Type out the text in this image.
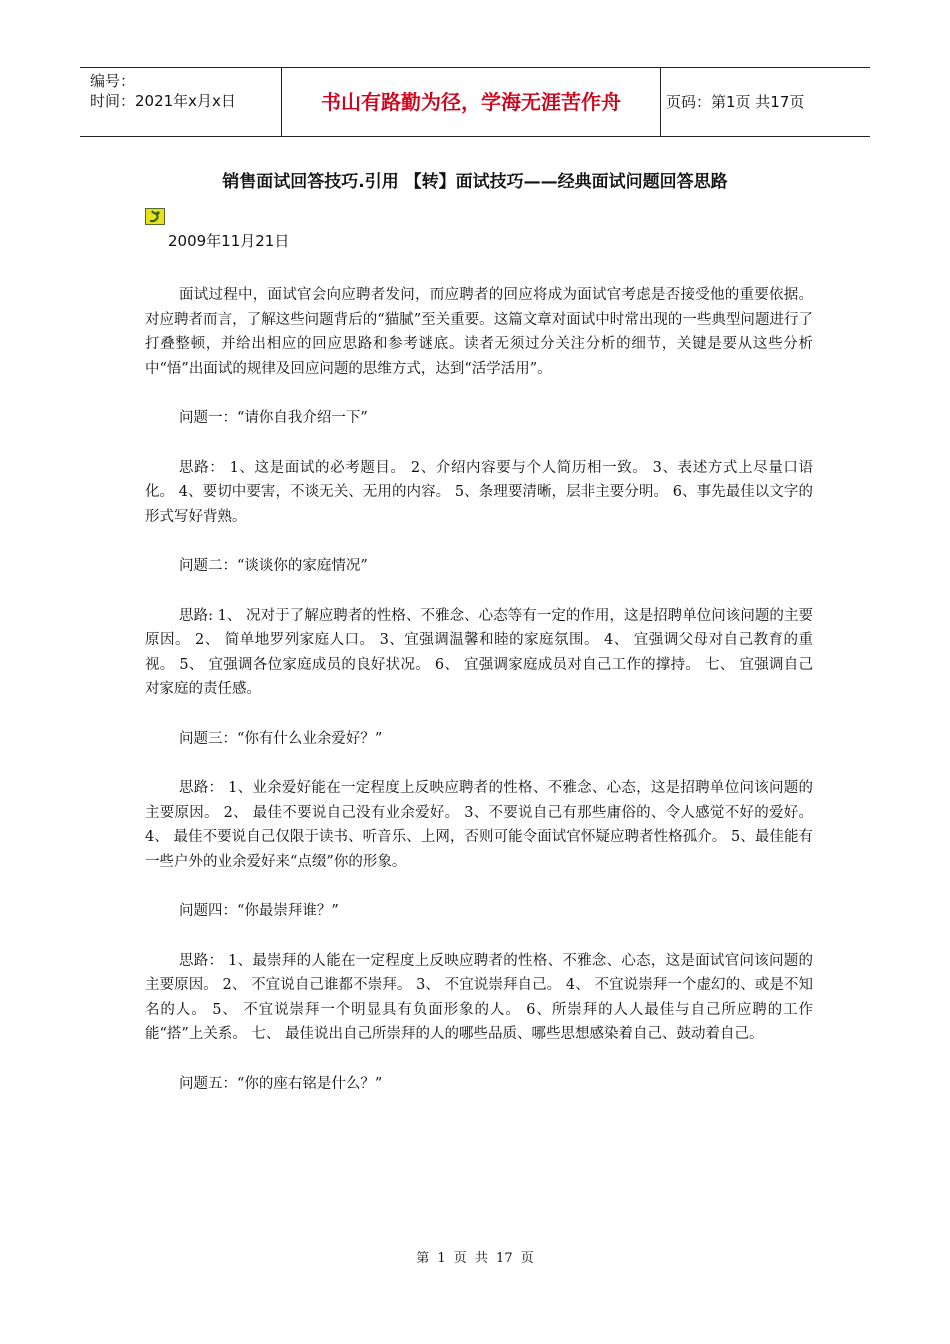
编号：
时间：2021年x月x日	书山有路勤为径，学海无涯苦作舟	页码：第1页 共17页
销售面试回答技巧.引用 【转】面试技巧——经典面试问题回答思路
2009年11月21日

面试过程中，面试官会向应聘者发问，而应聘者的回应将成为面试官考虑是否接受他的重要依据。对应聘者而言，了解这些问题背后的“猫腻”至关重要。这篇文章对面试中时常出现的一些典型问题进行了打叠整顿，并给出相应的回应思路和参考谜底。读者无须过分关注分析的细节，关键是要从这些分析中“悟”出面试的规律及回应问题的思维方式，达到“活学活用”。

问题一：“请你自我介绍一下”

思路： 1、这是面试的必考题目。 2、介绍内容要与个人简历相一致。 3、表述方式上尽量口语化。 4、要切中要害，不谈无关、无用的内容。 5、条理要清晰，层非主要分明。 6、事先最佳以文字的形式写好背熟。

问题二：“谈谈你的家庭情况”

思路: 1、 况对于了解应聘者的性格、不雅念、心态等有一定的作用，这是招聘单位问该问题的主要原因。 2、 简单地罗列家庭人口。 3、宜强调温馨和睦的家庭氛围。 4、 宜强调父母对自己教育的重视。 5、 宜强调各位家庭成员的良好状况。 6、 宜强调家庭成员对自己工作的撑持。 七、 宜强调自己对家庭的责任感。

问题三：“你有什么业余爱好？”

思路： 1、业余爱好能在一定程度上反映应聘者的性格、不雅念、心态，这是招聘单位问该问题的主要原因。 2、 最佳不要说自己没有业余爱好。 3、不要说自己有那些庸俗的、令人感觉不好的爱好。 4、 最佳不要说自己仅限于读书、听音乐、上网，否则可能令面试官怀疑应聘者性格孤介。 5、最佳能有一些户外的业余爱好来“点缀”你的形象。

问题四：“你最崇拜谁？”

思路： 1、最崇拜的人能在一定程度上反映应聘者的性格、不雅念、心态，这是面试官问该问题的主要原因。 2、 不宜说自己谁都不崇拜。 3、 不宜说崇拜自己。 4、 不宜说崇拜一个虚幻的、或是不知名的人。 5、 不宜说崇拜一个明显具有负面形象的人。 6、所崇拜的人人最佳与自己所应聘的工作能“搭”上关系。 七、 最佳说出自己所崇拜的人的哪些品质、哪些思想感染着自己、鼓动着自己。

问题五：“你的座右铭是什么？”

第 1 页 共 17 页
